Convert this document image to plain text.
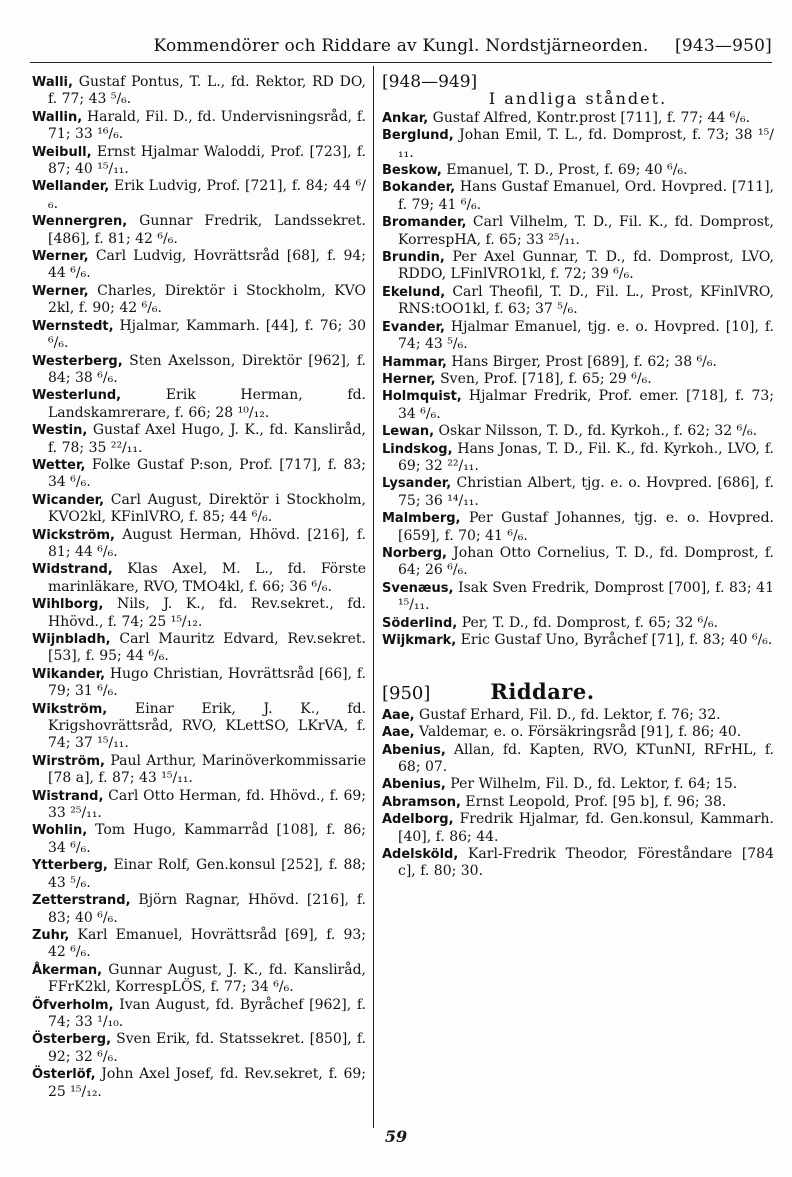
Kommendörer och Riddare av Kungl. Nordstjärneorden. [943—950]

Walli, Gustaf Pontus, T. L., fd. Rektor, RD DO, f. 77; 43 ⁵/₆.

Wallin, Harald, Fil. D., fd. Undervisningsråd, f. 71; 33 ¹⁶/₆.

Weibull, Ernst Hjalmar Waloddi, Prof. [723], f. 87; 40 ¹⁵/₁₁.

Wellander, Erik Ludvig, Prof. [721], f. 84; 44 ⁶/₆.

Wennergren, Gunnar Fredrik, Landssekret.[486], f. 81; 42 ⁶/₆.

Werner, Carl Ludvig, Hovrättsråd [68], f. 94; 44 ⁶/₆.

Werner, Charles, Direktör i Stockholm, KVO 2kl, f. 90; 42 ⁶/₆.

Wernstedt, Hjalmar, Kammarh. [44], f. 76; 30 ⁶/₆.

Westerberg, Sten Axelsson, Direktör [962], f. 84; 38 ⁶/₆.

Westerlund, Erik Herman, fd. Landskamrerare, f. 66; 28 ¹⁰/₁₂.

Westin, Gustaf Axel Hugo, J. K., fd. Kansliråd, f. 78; 35 ²²/₁₁.

Wetter, Folke Gustaf P:son, Prof. [717], f. 83; 34 ⁶/₆.

Wicander, Carl August, Direktör i Stockholm, KVO2kl, KFinlVRO, f. 85; 44 ⁶/₆.

Wickström, August Herman, Hhövd. [216], f. 81; 44 ⁶/₆.

Widstrand, Klas Axel, M. L., fd. Förste marinläkare, RVO, TMO4kl, f. 66; 36 ⁶/₆.

Wihlborg, Nils, J. K., fd. Rev.sekret., fd. Hhövd., f. 74; 25 ¹⁵/₁₂.

Wijnbladh, Carl Mauritz Edvard, Rev.sekret. [53], f. 95; 44 ⁶/₆.

Wikander, Hugo Christian, Hovrättsråd [66], f. 79; 31 ⁶/₆.

Wikström, Einar Erik, J. K., fd. Krigshovrättsråd, RVO, KLettSO, LKrVA, f. 74; 37 ¹⁵/₁₁.

Wirström, Paul Arthur, Marinöverkommissarie [78 a], f. 87; 43 ¹⁵/₁₁.

Wistrand, Carl Otto Herman, fd. Hhövd., f. 69; 33 ²⁵/₁₁.

Wohlin, Tom Hugo, Kammarråd [108], f. 86; 34 ⁶/₆.

Ytterberg, Einar Rolf, Gen.konsul [252], f. 88; 43 ⁵/₆.

Zetterstrand, Björn Ragnar, Hhövd. [216], f. 83; 40 ⁶/₆.

Zuhr, Karl Emanuel, Hovrättsråd [69], f. 93; 42 ⁶/₆.

Åkerman, Gunnar August, J. K., fd. Kansliråd, FFrK2kl, KorrespLÖS, f. 77; 34 ⁶/₆.

Öfverholm, Ivan August, fd. Byråchef [962], f. 74; 33 ¹/₁₀.

Österberg, Sven Erik, fd. Statssekret. [850], f. 92; 32 ⁶/₆.

Österlöf, John Axel Josef, fd. Rev.sekret, f. 69; 25 ¹⁵/₁₂.

[948—949]
I andliga ståndet.

Ankar, Gustaf Alfred, Kontr.prost [711], f. 77; 44 ⁶/₆.

Berglund, Johan Emil, T. L., fd. Domprost, f. 73; 38 ¹⁵/₁₁.

Beskow, Emanuel, T. D., Prost, f. 69; 40 ⁶/₆.

Bokander, Hans Gustaf Emanuel, Ord. Hovpred. [711], f. 79; 41 ⁶/₆.

Bromander, Carl Vilhelm, T. D., Fil. K., fd. Domprost, KorrespHA, f. 65; 33 ²⁵/₁₁.

Brundin, Per Axel Gunnar, T. D., fd. Domprost, LVO, RDDO, LFinlVRO1kl, f. 72; 39 ⁶/₆.

Ekelund, Carl Theofil, T. D., Fil. L., Prost, KFinlVRO, RNS:tOO1kl, f. 63; 37 ⁵/₆.

Evander, Hjalmar Emanuel, tjg. e. o. Hovpred. [10], f. 74; 43 ⁵/₆.

Hammar, Hans Birger, Prost [689], f. 62; 38 ⁶/₆.

Herner, Sven, Prof. [718], f. 65; 29 ⁶/₆.

Holmquist, Hjalmar Fredrik, Prof. emer. [718], f. 73; 34 ⁶/₆.

Lewan, Oskar Nilsson, T. D., fd. Kyrkoh., f. 62; 32 ⁶/₆.

Lindskog, Hans Jonas, T. D., Fil. K., fd. Kyrkoh., LVO, f. 69; 32 ²²/₁₁.

Lysander, Christian Albert, tjg. e. o. Hovpred. [686], f. 75; 36 ¹⁴/₁₁.

Malmberg, Per Gustaf Johannes, tjg. e. o. Hovpred. [659], f. 70; 41 ⁶/₆.

Norberg, Johan Otto Cornelius, T. D., fd. Domprost, f. 64; 26 ⁶/₆.

Svenæus, Isak Sven Fredrik, Domprost [700], f. 83; 41 ¹⁵/₁₁.

Söderlind, Per, T. D., fd. Domprost, f. 65; 32 ⁶/₆.

Wijkmark, Eric Gustaf Uno, Byråchef [71], f. 83; 40 ⁶/₆.

[950]	Riddare.

Aae, Gustaf Erhard, Fil. D., fd. Lektor, f. 76; 32.

Aae, Valdemar, e. o. Försäkringsråd [91], f. 86; 40.

Abenius, Allan, fd. Kapten, RVO, KTunNI, RFrHL, f. 68; 07.

Abenius, Per Wilhelm, Fil. D., fd. Lektor, f. 64; 15.

Abramson, Ernst Leopold, Prof. [95 b], f. 96; 38.

Adelborg, Fredrik Hjalmar, fd. Gen.konsul, Kammarh. [40], f. 86; 44.

Adelsköld, Karl-Fredrik Theodor, Föreståndare [784 c], f. 80; 30.

59
